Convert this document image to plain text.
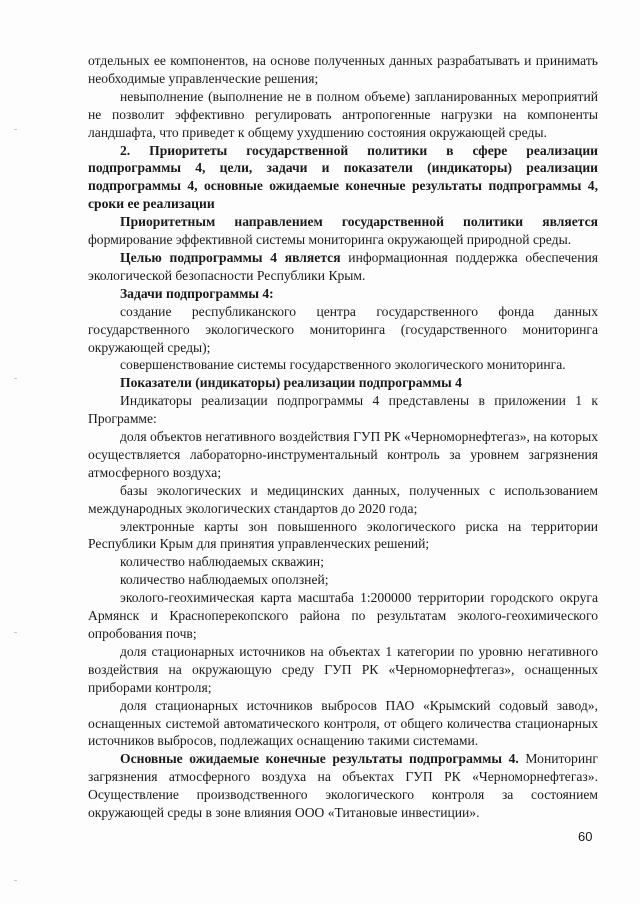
отдельных ее компонентов, на основе полученных данных разрабатывать и принимать необходимые управленческие решения;

невыполнение (выполнение не в полном объеме) запланированных мероприятий не позволит эффективно регулировать антропогенные нагрузки на компоненты ландшафта, что приведет к общему ухудшению состояния окружающей среды.

2. Приоритеты государственной политики в сфере реализации подпрограммы 4, цели, задачи и показатели (индикаторы) реализации подпрограммы 4, основные ожидаемые конечные результаты подпрограммы 4, сроки ее реализации

Приоритетным направлением государственной политики является формирование эффективной системы мониторинга окружающей природной среды.

Целью подпрограммы 4 является информационная поддержка обеспечения экологической безопасности Республики Крым.

Задачи подпрограммы 4:

создание республиканского центра государственного фонда данных государственного экологического мониторинга (государственного мониторинга окружающей среды);

совершенствование системы государственного экологического мониторинга.

Показатели (индикаторы) реализации подпрограммы 4

Индикаторы реализации подпрограммы 4 представлены в приложении 1 к Программе:

доля объектов негативного воздействия ГУП РК «Черноморнефтегаз», на которых осуществляется лабораторно-инструментальный контроль за уровнем загрязнения атмосферного воздуха;

базы экологических и медицинских данных, полученных с использованием международных экологических стандартов до 2020 года;

электронные карты зон повышенного экологического риска на территории Республики Крым для принятия управленческих решений;

количество наблюдаемых скважин;

количество наблюдаемых оползней;

эколого-геохимическая карта масштаба 1:200000 территории городского округа Армянск и Красноперекопского района по результатам эколого-геохимического опробования почв;

доля стационарных источников на объектах 1 категории по уровню негативного воздействия на окружающую среду ГУП РК «Черноморнефтегаз», оснащенных приборами контроля;

доля стационарных источников выбросов ПАО «Крымский содовый завод», оснащенных системой автоматического контроля, от общего количества стационарных источников выбросов, подлежащих оснащению такими системами.

Основные ожидаемые конечные результаты подпрограммы 4. Мониторинг загрязнения атмосферного воздуха на объектах ГУП РК «Черноморнефтегаз». Осуществление производственного экологического контроля за состоянием окружающей среды в зоне влияния ООО «Титановые инвестиции».

60
